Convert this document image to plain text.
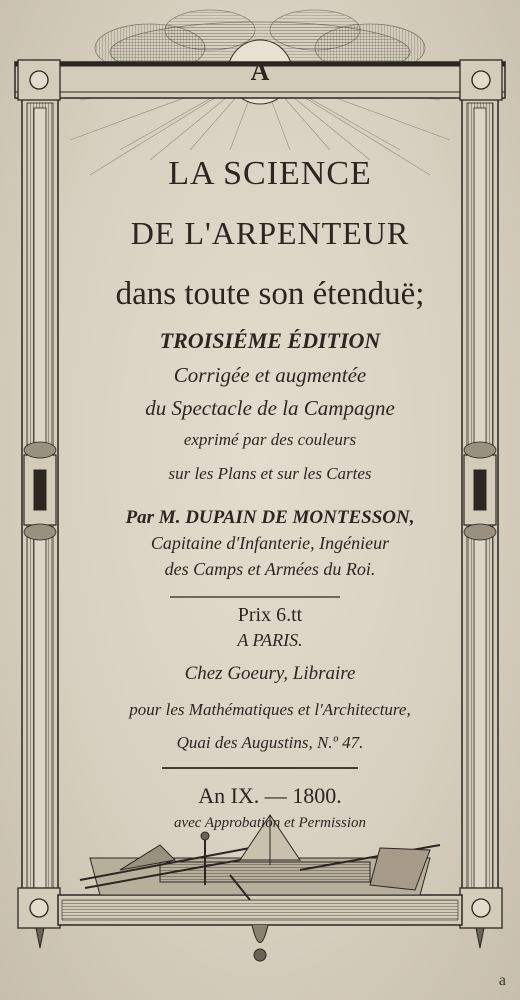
A
LA SCIENCE
DE L'ARPENTEUR
dans toute son étenduë;
TROISIÉME ÉDITION
Corrigée et augmentée
du Spectacle de la Campagne
exprimé par des couleurs
sur les Plans et sur les Cartes
Par M. DUPAIN DE MONTESSON,
Capitaine d'Infanterie, Ingénieur
des Camps et Armées du Roi.
Prix 6.tt
A PARIS.
Chez Goeury, Libraire
pour les Mathématiques et l'Architecture,
Quai des Augustins, N.º 47.
An IX. — 1800.
avec Approbation et Permission
a
